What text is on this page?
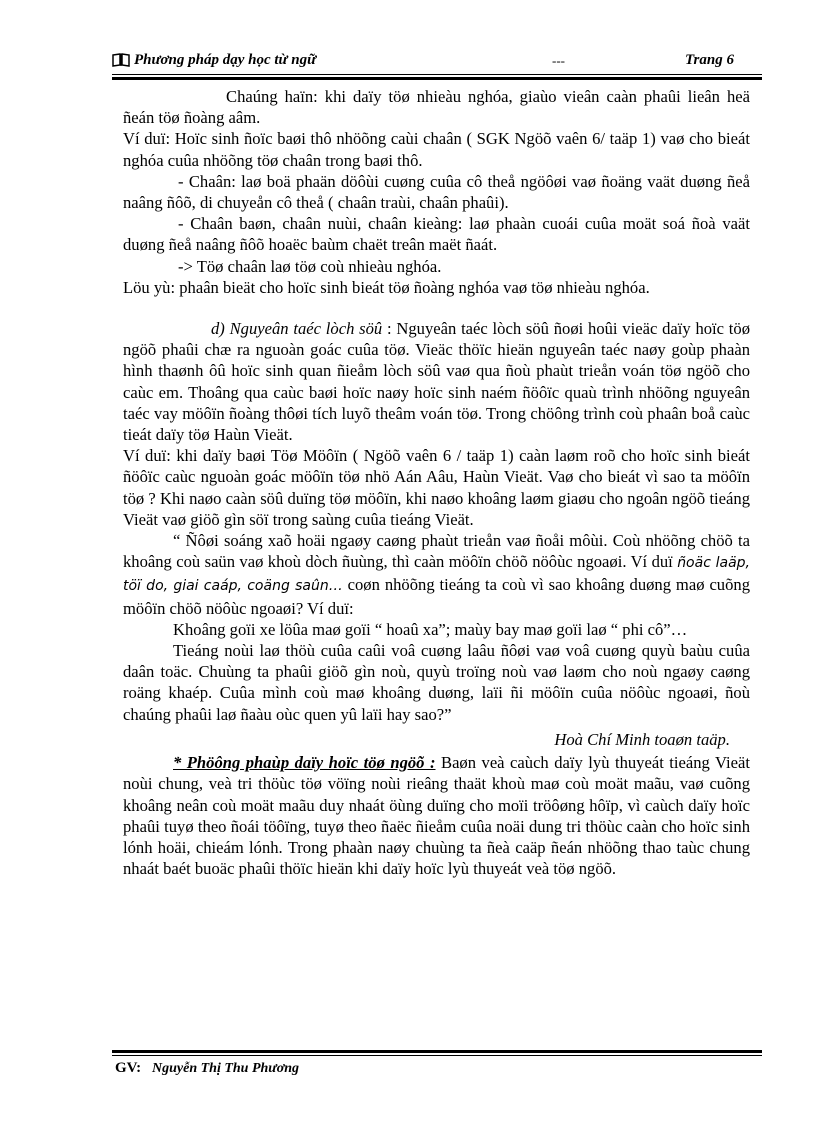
Phương pháp dạy học từ ngữ	---	Trang 6

Chaúng haïn: khi daïy töø nhieàu nghóa, giaùo vieân caàn phaûi lieân heä ñeán töø ñoàng aâm.

Ví duï: Hoïc sinh ñoïc baøi thô nhöõng caùi chaân ( SGK Ngöõ vaên 6/ taäp 1) vaø cho bieát nghóa cuûa nhöõng töø chaân trong baøi thô.

- Chaân: laø boä phaän döôùi cuøng cuûa cô theå ngöôøi vaø ñoäng vaät duøng ñeå naâng ñôõ, di chuyeån cô theå ( chaân traùi, chaân phaûi).

- Chaân baøn, chaân nuùi, chaân kieàng: laø phaàn cuoái cuûa moät soá ñoà vaät duøng ñeå naâng ñôõ hoaëc baùm chaët treân maët ñaát.

-> Töø chaân laø töø coù nhieàu nghóa.

Löu yù: phaân bieät cho hoïc sinh bieát töø ñoàng nghóa vaø töø nhieàu nghóa.

d) Nguyeân taéc lòch söû : Nguyeân taéc lòch söû ñoøi hoûi vieäc daïy hoïc töø ngöõ phaûi chæ ra nguoàn goác cuûa töø. Vieäc thöïc hieän nguyeân taéc naøy goùp phaàn hình thaønh ôû hoïc sinh quan ñieåm lòch söû vaø qua ñoù phaùt trieån voán töø ngöõ cho caùc em. Thoâng qua caùc baøi hoïc naøy hoïc sinh naém ñöôïc quaù trình nhöõng nguyeân taéc vay möôïn ñoàng thôøi tích luyõ theâm voán töø. Trong chöông trình coù phaân boå caùc tieát daïy töø Haùn Vieät.

Ví duï: khi daïy baøi Töø Möôïn ( Ngöõ vaên 6 / taäp 1) caàn laøm roõ cho hoïc sinh bieát ñöôïc caùc nguoàn goác möôïn töø nhö Aán Aâu, Haùn Vieät. Vaø cho bieát vì sao ta möôïn töø ? Khi naøo caàn söû duïng töø möôïn, khi naøo khoâng laøm giaøu cho ngoân ngöõ tieáng Vieät vaø giöõ gìn söï trong saùng cuûa tieáng Vieät.

“ Ñôøi soáng xaõ hoäi ngaøy caøng phaùt trieån vaø ñoåi môùi. Coù nhöõng chöõ ta khoâng coù saün vaø khoù dòch ñuùng, thì caàn möôïn chöõ nöôùc ngoaøi. Ví duï ñoäc laäp, töï do, giai caáp, coäng saûn… coøn nhöõng tieáng ta coù vì sao khoâng duøng maø cuõng möôïn chöõ nöôùc ngoaøi? Ví duï:

Khoâng goïi xe löûa maø goïi “ hoaû xa”; maùy bay maø goïi laø “ phi cô”…

Tieáng noùi laø thöù cuûa caûi voâ cuøng laâu ñôøi vaø voâ cuøng quyù baùu cuûa daân toäc. Chuùng ta phaûi giöõ gìn noù, quyù troïng noù vaø laøm cho noù ngaøy caøng roäng khaép. Cuûa mình coù maø khoâng duøng, laïi ñi möôïn cuûa nöôùc ngoaøi, ñoù chaúng phaûi laø ñaàu oùc quen yû laïi hay sao?”

Hoà Chí Minh toaøn taäp.

* Phöông phaùp daïy hoïc töø ngöõ : Baøn veà caùch daïy lyù thuyeát tieáng Vieät noùi chung, veà tri thöùc töø vöïng noùi rieâng thaät khoù maø coù moät maãu, vaø cuõng khoâng neân coù moät maãu duy nhaát öùng duïng cho moïi tröôøng hôïp, vì caùch daïy hoïc phaûi tuyø theo ñoái töôïng, tuyø theo ñaëc ñieåm cuûa noäi dung tri thöùc caàn cho hoïc sinh lónh hoäi, chieám lónh. Trong phaàn naøy chuùng ta ñeà caäp ñeán nhöõng thao taùc chung nhaát baét buoäc phaûi thöïc hieän khi daïy hoïc lyù thuyeát veà töø ngöõ.

GV: Nguyễn Thị Thu Phương
